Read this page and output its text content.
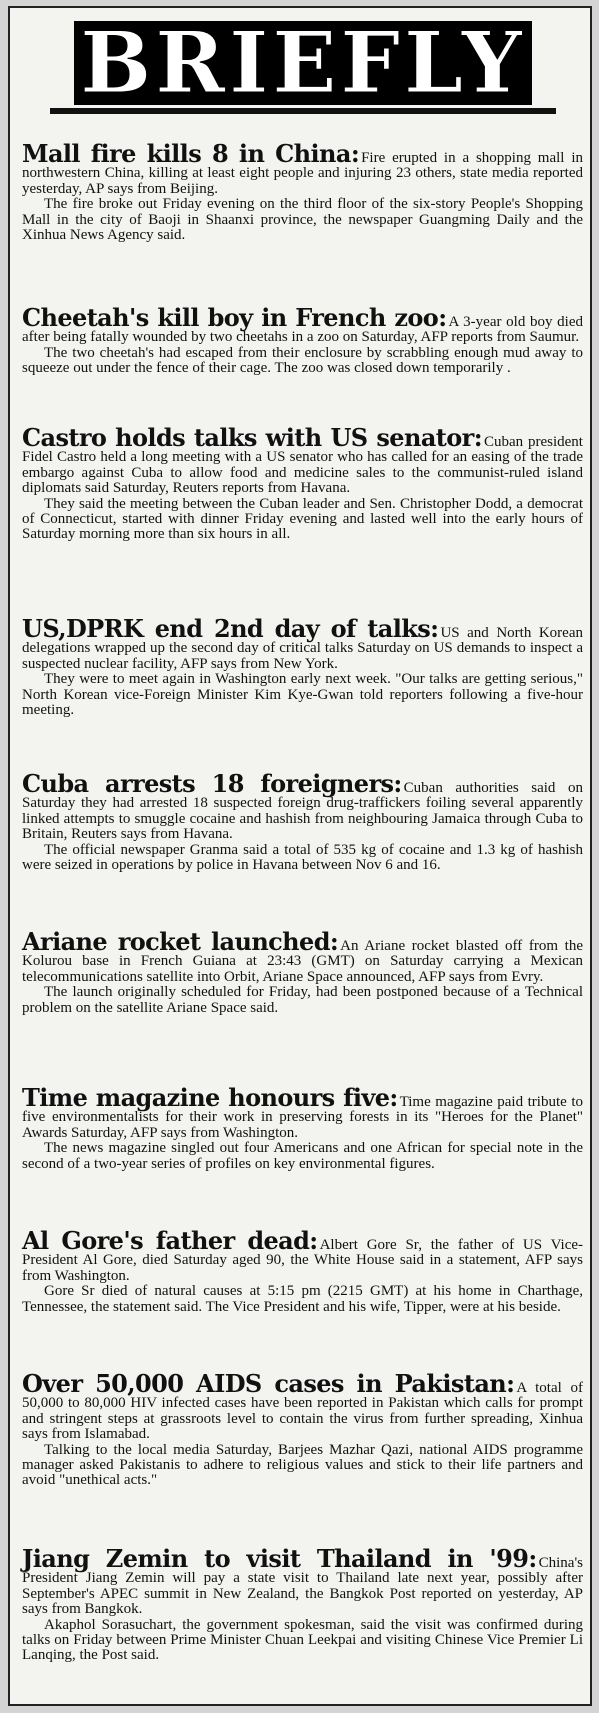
BRIEFLY

Mall fire kills 8 in China: Fire erupted in a shopping mall in northwestern China, killing at least eight people and injuring 23 others, state media reported yesterday, AP says from Beijing.

The fire broke out Friday evening on the third floor of the six-story People's Shopping Mall in the city of Baoji in Shaanxi province, the newspaper Guangming Daily and the Xinhua News Agency said.

Cheetah's kill boy in French zoo: A 3-year old boy died after being fatally wounded by two cheetahs in a zoo on Saturday, AFP reports from Saumur.

The two cheetah's had escaped from their enclosure by scrabbling enough mud away to squeeze out under the fence of their cage. The zoo was closed down temporarily .

Castro holds talks with US senator: Cuban president Fidel Castro held a long meeting with a US senator who has called for an easing of the trade embargo against Cuba to allow food and medicine sales to the communist-ruled island diplomats said Saturday, Reuters reports from Havana.

They said the meeting between the Cuban leader and Sen. Christopher Dodd, a democrat of Connecticut, started with dinner Friday evening and lasted well into the early hours of Saturday morning more than six hours in all.

US,DPRK end 2nd day of talks: US and North Korean delegations wrapped up the second day of critical talks Saturday on US demands to inspect a suspected nuclear facility, AFP says from New York.

They were to meet again in Washington early next week. "Our talks are getting serious," North Korean vice-Foreign Minister Kim Kye-Gwan told reporters following a five-hour meeting.

Cuba arrests 18 foreigners: Cuban authorities said on Saturday they had arrested 18 suspected foreign drug-traffickers foiling several apparently linked attempts to smuggle cocaine and hashish from neighbouring Jamaica through Cuba to Britain, Reuters says from Havana.

The official newspaper Granma said a total of 535 kg of cocaine and 1.3 kg of hashish were seized in operations by police in Havana between Nov 6 and 16.

Ariane rocket launched: An Ariane rocket blasted off from the Kolurou base in French Guiana at 23:43 (GMT) on Saturday carrying a Mexican telecommunications satellite into Orbit, Ariane Space announced, AFP says from Evry.

The launch originally scheduled for Friday, had been postponed because of a Technical problem on the satellite Ariane Space said.

Time magazine honours five: Time magazine paid tribute to five environmentalists for their work in preserving forests in its "Heroes for the Planet" Awards Saturday, AFP says from Washington.

The news magazine singled out four Americans and one African for special note in the second of a two-year series of profiles on key environmental figures.

Al Gore's father dead: Albert Gore Sr, the father of US Vice-President Al Gore, died Saturday aged 90, the White House said in a statement, AFP says from Washington.

Gore Sr died of natural causes at 5:15 pm (2215 GMT) at his home in Charthage, Tennessee, the statement said. The Vice President and his wife, Tipper, were at his beside.

Over 50,000 AIDS cases in Pakistan: A total of 50,000 to 80,000 HIV infected cases have been reported in Pakistan which calls for prompt and stringent steps at grassroots level to contain the virus from further spreading, Xinhua says from Islamabad.

Talking to the local media Saturday, Barjees Mazhar Qazi, national AIDS programme manager asked Pakistanis to adhere to religious values and stick to their life partners and avoid "unethical acts."

Jiang Zemin to visit Thailand in '99: China's President Jiang Zemin will pay a state visit to Thailand late next year, possibly after September's APEC summit in New Zealand, the Bangkok Post reported on yesterday, AP says from Bangkok.

Akaphol Sorasuchart, the government spokesman, said the visit was confirmed during talks on Friday between Prime Minister Chuan Leekpai and visiting Chinese Vice Premier Li Lanqing, the Post said.
